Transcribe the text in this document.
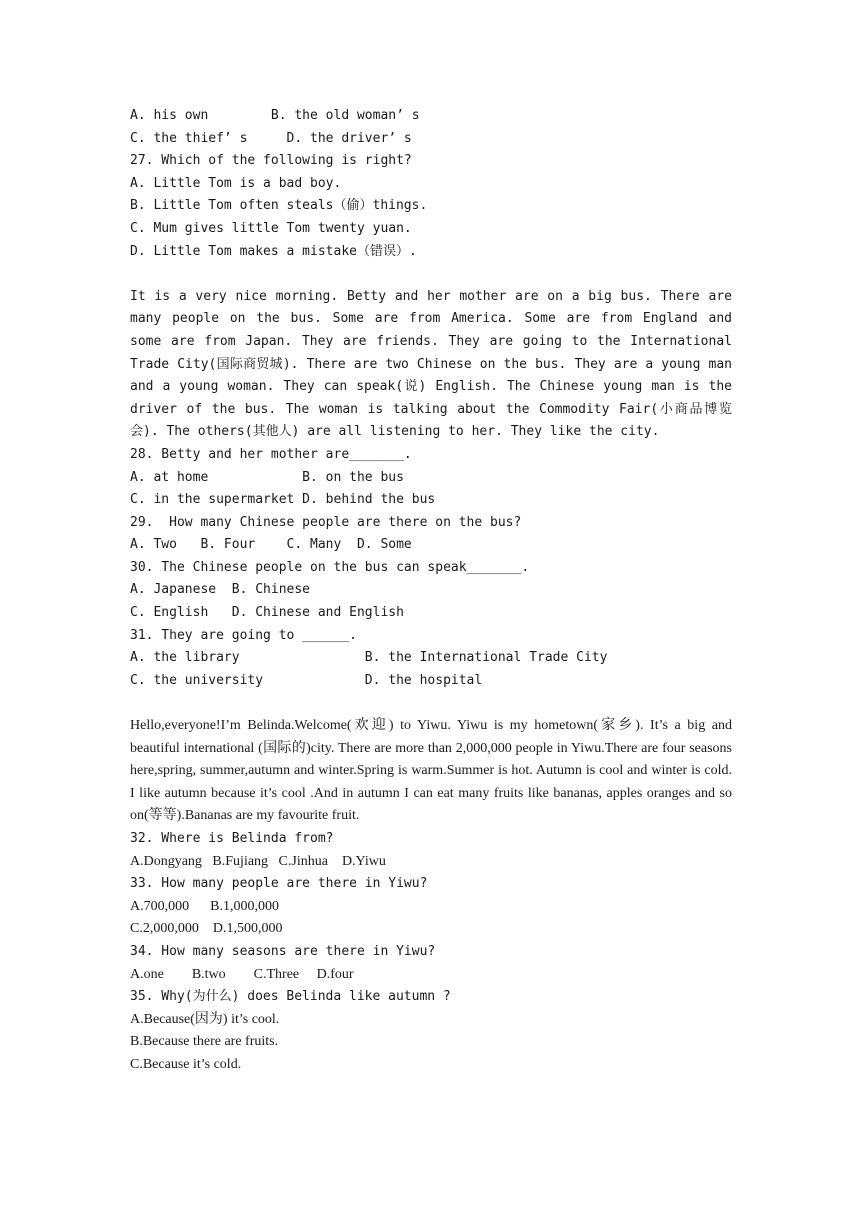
A. his own        B. the old woman’ s
C. the thief’ s     D. the driver’ s
27. Which of the following is right?
A. Little Tom is a bad boy.
B. Little Tom often steals（偷）things.
C. Mum gives little Tom twenty yuan.
D. Little Tom makes a mistake（错误）.

It is a very nice morning. Betty and her mother are on a big bus. There are many people on the bus. Some are from America. Some are from England and some are from Japan. They are friends. They are going to the International Trade City(国际商贸城). There are two Chinese on the bus. They are a young man and a young woman. They can speak(说) English. The Chinese young man is the driver of the bus. The woman is talking about the Commodity Fair(小商品博览会). The others(其他人) are all listening to her. They like the city.

28. Betty and her mother are_______.
A. at home            B. on the bus
C. in the supermarket D. behind the bus
29.  How many Chinese people are there on the bus?
A. Two   B. Four    C. Many  D. Some
30. The Chinese people on the bus can speak_______.
A. Japanese  B. Chinese
C. English   D. Chinese and English
31. They are going to ______.
A. the library                B. the International Trade City
C. the university             D. the hospital

Hello,everyone!I’m Belinda.Welcome(欢迎) to Yiwu. Yiwu is my hometown(家乡). It’s a big and beautiful international (国际的)city. There are more than 2,000,000 people in Yiwu.There are four seasons here,spring, summer,autumn and winter.Spring is warm.Summer is hot. Autumn is cool and winter is cold. I like autumn because it’s cool .And in autumn I can eat many fruits like bananas, apples oranges and so on(等等).Bananas are my favourite fruit.

32. Where is Belinda from?
A.Dongyang   B.Fujiang   C.Jinhua    D.Yiwu
33. How many people are there in Yiwu?
A.700,000      B.1,000,000
C.2,000,000    D.1,500,000
34. How many seasons are there in Yiwu?
A.one        B.two        C.Three     D.four
35. Why(为什么) does Belinda like autumn ?
A.Because(因为) it’s cool.
B.Because there are fruits.
C.Because it’s cold.
